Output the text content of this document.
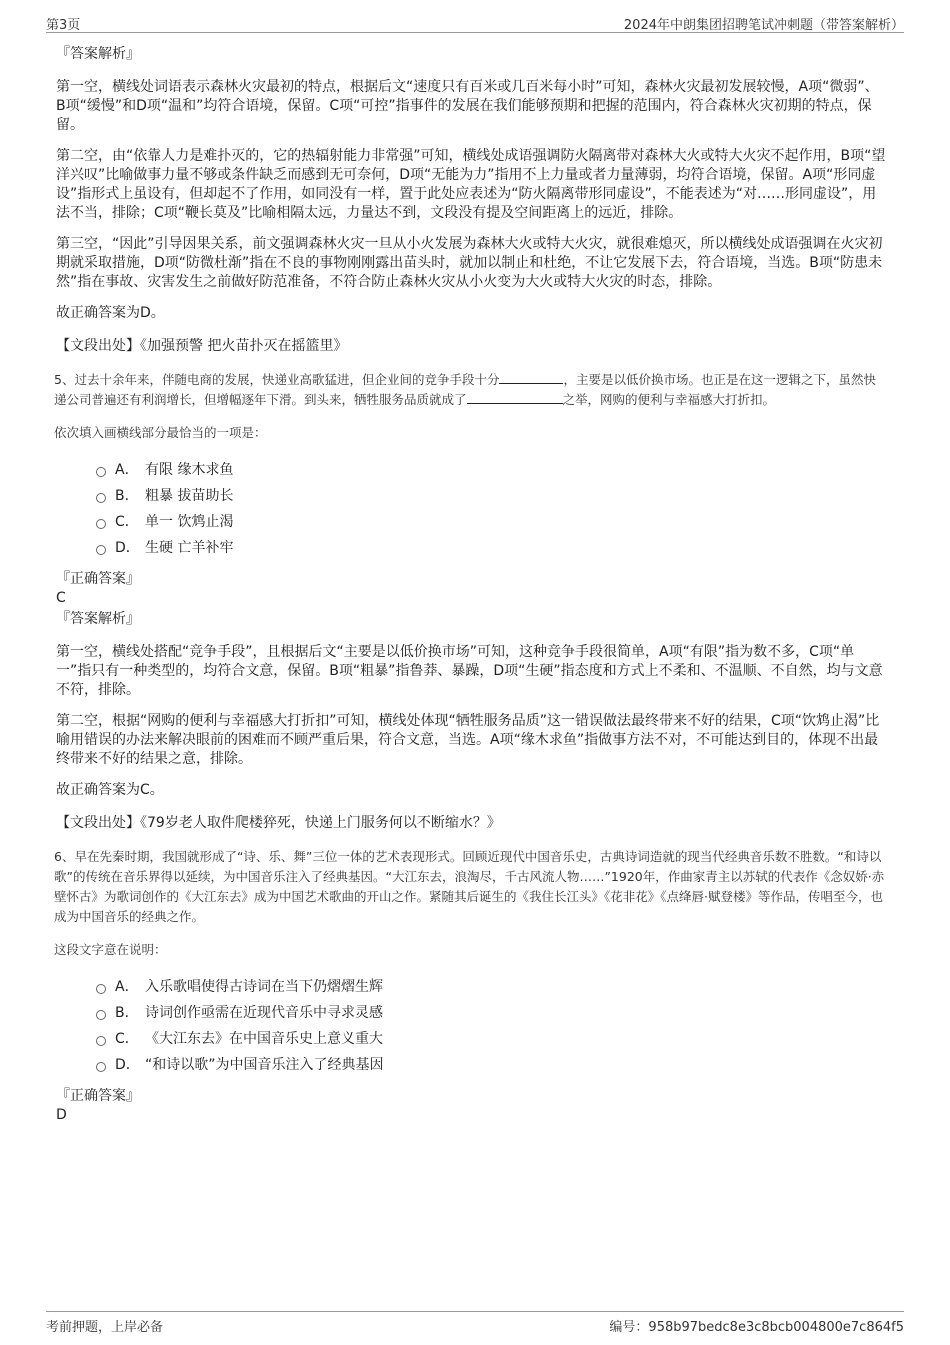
第3页	2024年中朗集团招聘笔试冲刺题（带答案解析）
『答案解析』

第一空，横线处词语表示森林火灾最初的特点，根据后文“速度只有百米或几百米每小时”可知，森林火灾最初发展较慢，A项“微弱”、B项“缓慢”和D项“温和”均符合语境，保留。C项“可控”指事件的发展在我们能够预期和把握的范围内，符合森林火灾初期的特点，保留。

第二空，由“依靠人力是难扑灭的，它的热辐射能力非常强”可知，横线处成语强调防火隔离带对森林大火或特大火灾不起作用，B项“望洋兴叹”比喻做事力量不够或条件缺乏而感到无可奈何，D项“无能为力”指用不上力量或者力量薄弱，均符合语境，保留。A项“形同虚设”指形式上虽设有，但却起不了作用，如同没有一样，置于此处应表述为“防火隔离带形同虚设”，不能表述为“对……形同虚设”，用法不当，排除；C项“鞭长莫及”比喻相隔太远，力量达不到，文段没有提及空间距离上的远近，排除。

第三空，“因此”引导因果关系，前文强调森林火灾一旦从小火发展为森林大火或特大火灾，就很难熄灭，所以横线处成语强调在火灾初期就采取措施，D项“防微杜渐”指在不良的事物刚刚露出苗头时，就加以制止和杜绝，不让它发展下去，符合语境，当选。B项“防患未然”指在事故、灾害发生之前做好防范准备，不符合防止森林火灾从小火变为大火或特大火灾的时态，排除。

故正确答案为D。

【文段出处】《加强预警 把火苗扑灭在摇篮里》
5、过去十余年来，伴随电商的发展，快递业高歌猛进，但企业间的竞争手段十分	，主要是以低价换市场。也正是在这一逻辑之下，虽然快递公司普遍还有利润增长，但增幅逐年下滑。到头来，牺牲服务品质就成了	之举，网购的便利与幸福感大打折扣。
依次填入画横线部分最恰当的一项是：
A． 有限 缘木求鱼
B． 粗暴 拔苗助长
C． 单一 饮鸩止渴
D． 生硬 亡羊补牢
『正确答案』
C
『答案解析』

第一空，横线处搭配“竞争手段”，且根据后文“主要是以低价换市场”可知，这种竞争手段很简单，A项“有限”指为数不多，C项“单一”指只有一种类型的，均符合文意，保留。B项“粗暴”指鲁莽、暴躁，D项“生硬”指态度和方式上不柔和、不温顺、不自然，均与文意不符，排除。

第二空，根据“网购的便利与幸福感大打折扣”可知，横线处体现“牺牲服务品质”这一错误做法最终带来不好的结果，C项“饮鸩止渴”比喻用错误的办法来解决眼前的困难而不顾严重后果，符合文意，当选。A项“缘木求鱼”指做事方法不对，不可能达到目的，体现不出最终带来不好的结果之意，排除。

故正确答案为C。

【文段出处】《79岁老人取件爬楼猝死，快递上门服务何以不断缩水？》
6、早在先秦时期，我国就形成了“诗、乐、舞”三位一体的艺术表现形式。回顾近现代中国音乐史，古典诗词造就的现当代经典音乐数不胜数。“和诗以歌”的传统在音乐界得以延续，为中国音乐注入了经典基因。“大江东去，浪淘尽，千古风流人物……”1920年，作曲家青主以苏轼的代表作《念奴娇·赤壁怀古》为歌词创作的《大江东去》成为中国艺术歌曲的开山之作。紧随其后诞生的《我住长江头》《花非花》《点绛唇·赋登楼》等作品，传唱至今，也成为中国音乐的经典之作。
这段文字意在说明：
A． 入乐歌唱使得古诗词在当下仍熠熠生辉
B． 诗词创作亟需在近现代音乐中寻求灵感
C． 《大江东去》在中国音乐史上意义重大
D． “和诗以歌”为中国音乐注入了经典基因
『正确答案』
D
考前押题，上岸必备	编号：958b97bedc8e3c8bcb004800e7c864f5
